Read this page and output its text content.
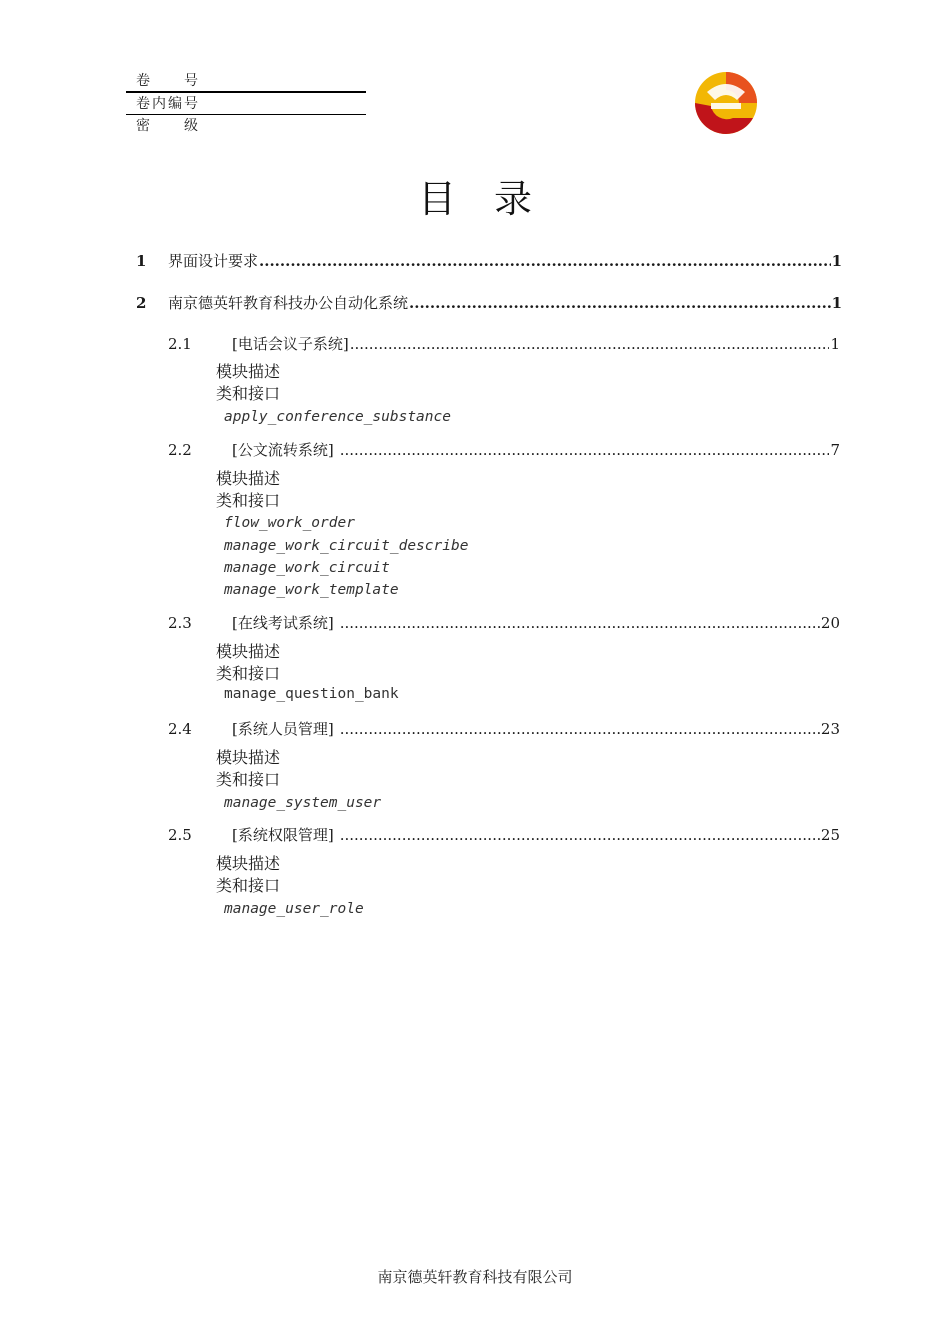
卷　　号
卷内编号
密　　级
目录
1	界面设计要求 .....	1
2	南京德英轩教育科技办公自动化系统 .....	1
2.1	[电话会议子系统] .....	1
模块描述
类和接口
apply_conference_substance
2.2	[公文流转系统] .....	7
模块描述
类和接口
flow_work_order
manage_work_circuit_describe
manage_work_circuit
manage_work_template
2.3	[在线考试系统] .....	20
模块描述
类和接口
manage_question_bank
2.4	[系统人员管理] .....	23
模块描述
类和接口
manage_system_user
2.5	[系统权限管理] .....	25
模块描述
类和接口
manage_user_role
南京德英轩教育科技有限公司
